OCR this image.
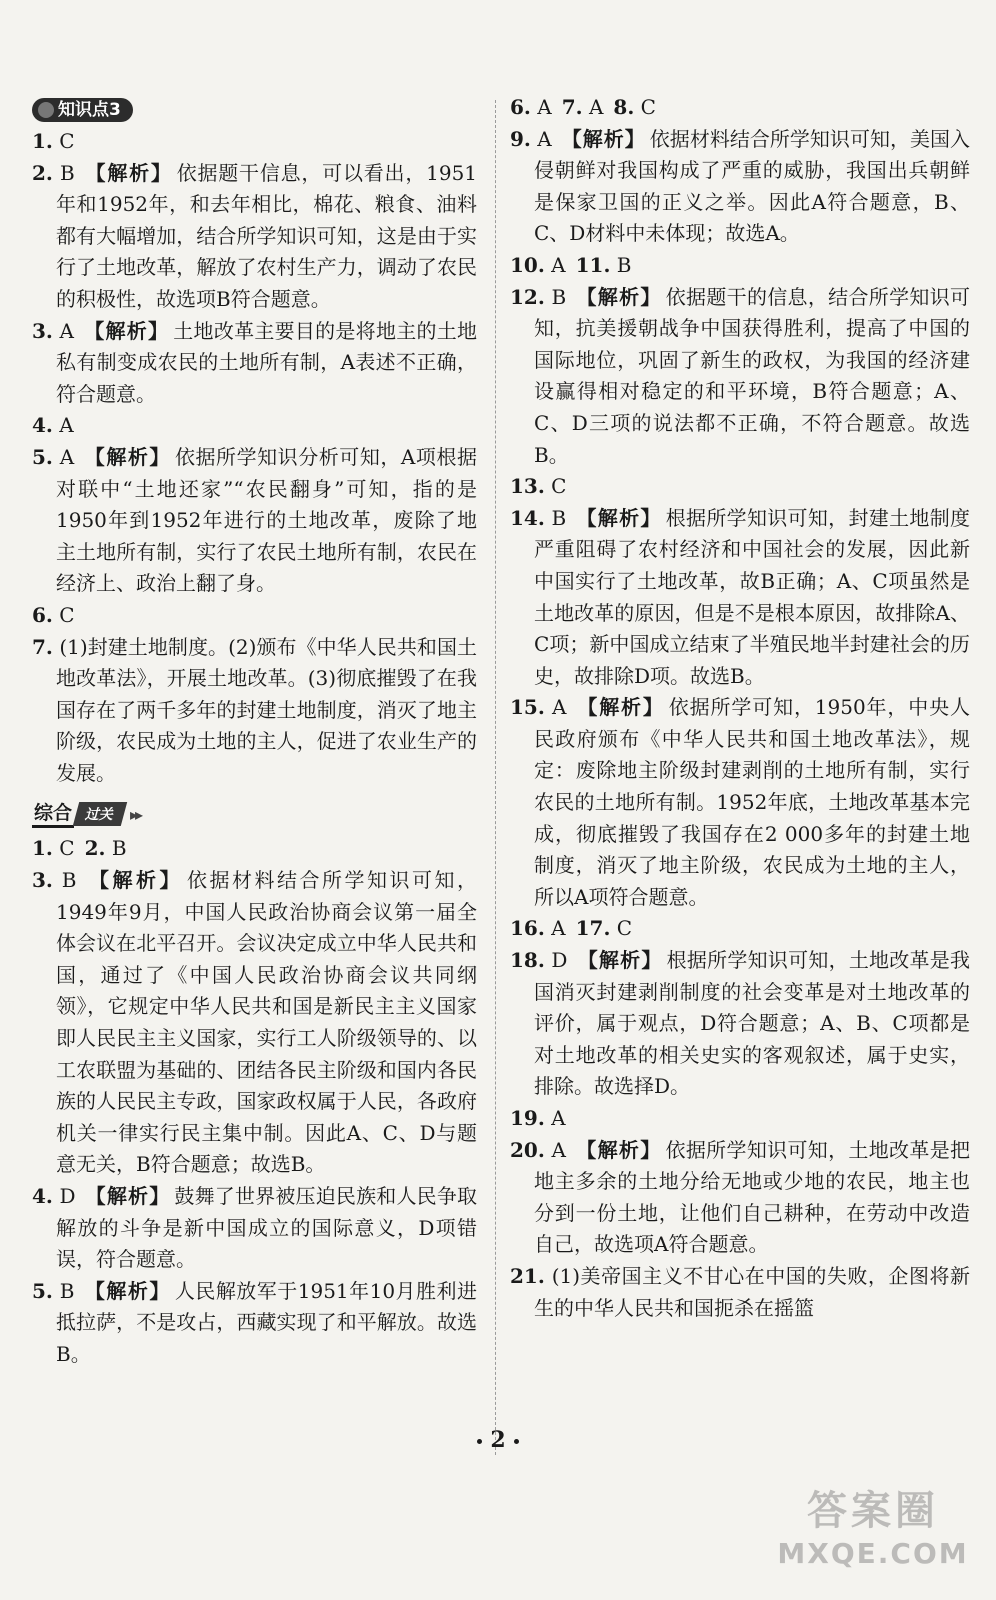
知识点3

1. C

2. B 【解析】 依据题干信息，可以看出，1951年和1952年，和去年相比，棉花、粮食、油料都有大幅增加，结合所学知识可知，这是由于实行了土地改革，解放了农村生产力，调动了农民的积极性，故选项B符合题意。

3. A 【解析】 土地改革主要目的是将地主的土地私有制变成农民的土地所有制，A表述不正确，符合题意。

4. A

5. A 【解析】 依据所学知识分析可知，A项根据对联中“土地还家”“农民翻身”可知，指的是1950年到1952年进行的土地改革，废除了地主土地所有制，实行了农民土地所有制，农民在经济上、政治上翻了身。

6. C

7. (1)封建土地制度。(2)颁布《中华人民共和国土地改革法》，开展土地改革。(3)彻底摧毁了在我国存在了两千多年的封建土地制度，消灭了地主阶级，农民成为土地的主人，促进了农业生产的发展。

综合 过关 ▸▸

1. C 2. B

3. B 【解析】 依据材料结合所学知识可知，1949年9月，中国人民政治协商会议第一届全体会议在北平召开。会议决定成立中华人民共和国，通过了《中国人民政治协商会议共同纲领》，它规定中华人民共和国是新民主主义国家即人民民主主义国家，实行工人阶级领导的、以工农联盟为基础的、团结各民主阶级和国内各民族的人民民主专政，国家政权属于人民，各政府机关一律实行民主集中制。因此A、C、D与题意无关，B符合题意；故选B。

4. D 【解析】 鼓舞了世界被压迫民族和人民争取解放的斗争是新中国成立的国际意义，D项错误，符合题意。

5. B 【解析】 人民解放军于1951年10月胜利进抵拉萨，不是攻占，西藏实现了和平解放。故选B。

6. A 7. A 8. C

9. A 【解析】 依据材料结合所学知识可知，美国入侵朝鲜对我国构成了严重的威胁，我国出兵朝鲜是保家卫国的正义之举。因此A符合题意，B、C、D材料中未体现；故选A。

10. A 11. B

12. B 【解析】 依据题干的信息，结合所学知识可知，抗美援朝战争中国获得胜利，提高了中国的国际地位，巩固了新生的政权，为我国的经济建设赢得相对稳定的和平环境，B符合题意；A、C、D三项的说法都不正确，不符合题意。故选B。

13. C

14. B 【解析】 根据所学知识可知，封建土地制度严重阻碍了农村经济和中国社会的发展，因此新中国实行了土地改革，故B正确；A、C项虽然是土地改革的原因，但是不是根本原因，故排除A、C项；新中国成立结束了半殖民地半封建社会的历史，故排除D项。故选B。

15. A 【解析】 依据所学可知，1950年，中央人民政府颁布《中华人民共和国土地改革法》，规定：废除地主阶级封建剥削的土地所有制，实行农民的土地所有制。1952年底，土地改革基本完成，彻底摧毁了我国存在2 000多年的封建土地制度，消灭了地主阶级，农民成为土地的主人，所以A项符合题意。

16. A 17. C

18. D 【解析】 根据所学知识可知，土地改革是我国消灭封建剥削制度的社会变革是对土地改革的评价，属于观点，D符合题意；A、B、C项都是对土地改革的相关史实的客观叙述，属于史实，排除。故选择D。

19. A

20. A 【解析】 依据所学知识可知，土地改革是把地主多余的土地分给无地或少地的农民，地主也分到一份土地，让他们自己耕种，在劳动中改造自己，故选项A符合题意。

21. (1)美帝国主义不甘心在中国的失败，企图将新生的中华人民共和国扼杀在摇篮

2
答案圈
MXQE.COM
